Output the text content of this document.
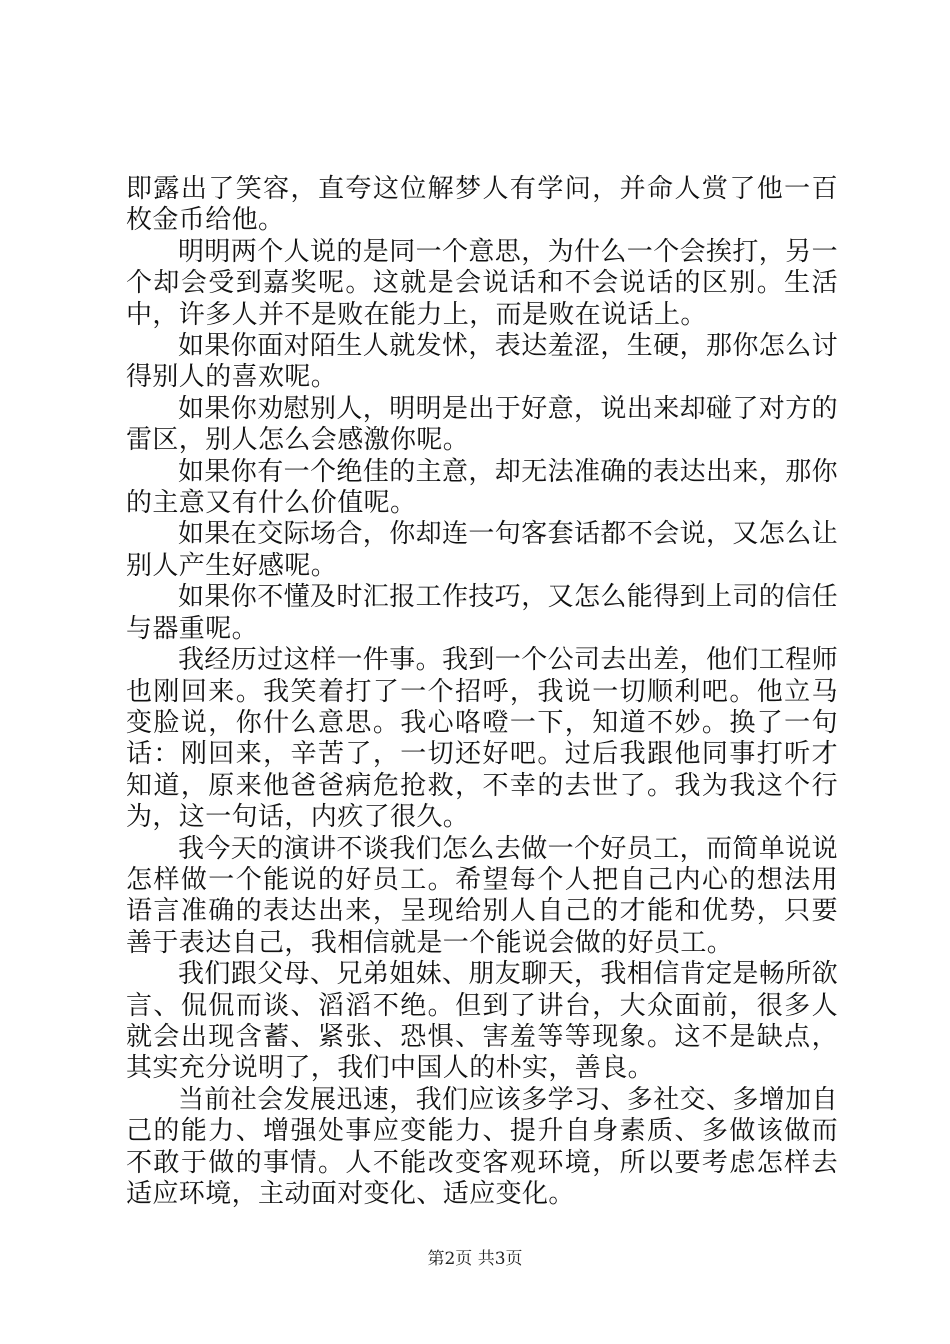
即露出了笑容，直夸这位解梦人有学问，并命人赏了他一百枚金币给他。

明明两个人说的是同一个意思，为什么一个会挨打，另一个却会受到嘉奖呢。这就是会说话和不会说话的区别。生活中，许多人并不是败在能力上，而是败在说话上。

如果你面对陌生人就发怵，表达羞涩，生硬，那你怎么讨得别人的喜欢呢。

如果你劝慰别人，明明是出于好意，说出来却碰了对方的雷区，别人怎么会感激你呢。

如果你有一个绝佳的主意，却无法准确的表达出来，那你的主意又有什么价值呢。

如果在交际场合，你却连一句客套话都不会说，又怎么让别人产生好感呢。

如果你不懂及时汇报工作技巧，又怎么能得到上司的信任与器重呢。

我经历过这样一件事。我到一个公司去出差，他们工程师也刚回来。我笑着打了一个招呼，我说一切顺利吧。他立马变脸说，你什么意思。我心咯噔一下，知道不妙。换了一句话：刚回来，辛苦了，一切还好吧。过后我跟他同事打听才知道，原来他爸爸病危抢救，不幸的去世了。我为我这个行为，这一句话，内疚了很久。

我今天的演讲不谈我们怎么去做一个好员工，而简单说说怎样做一个能说的好员工。希望每个人把自己内心的想法用语言准确的表达出来，呈现给别人自己的才能和优势，只要善于表达自己，我相信就是一个能说会做的好员工。

我们跟父母、兄弟姐妹、朋友聊天，我相信肯定是畅所欲言、侃侃而谈、滔滔不绝。但到了讲台，大众面前，很多人就会出现含蓄、紧张、恐惧、害羞等等现象。这不是缺点，其实充分说明了，我们中国人的朴实，善良。

当前社会发展迅速，我们应该多学习、多社交、多增加自己的能力、增强处事应变能力、提升自身素质、多做该做而不敢于做的事情。人不能改变客观环境，所以要考虑怎样去适应环境，主动面对变化、适应变化。

第2页 共3页
